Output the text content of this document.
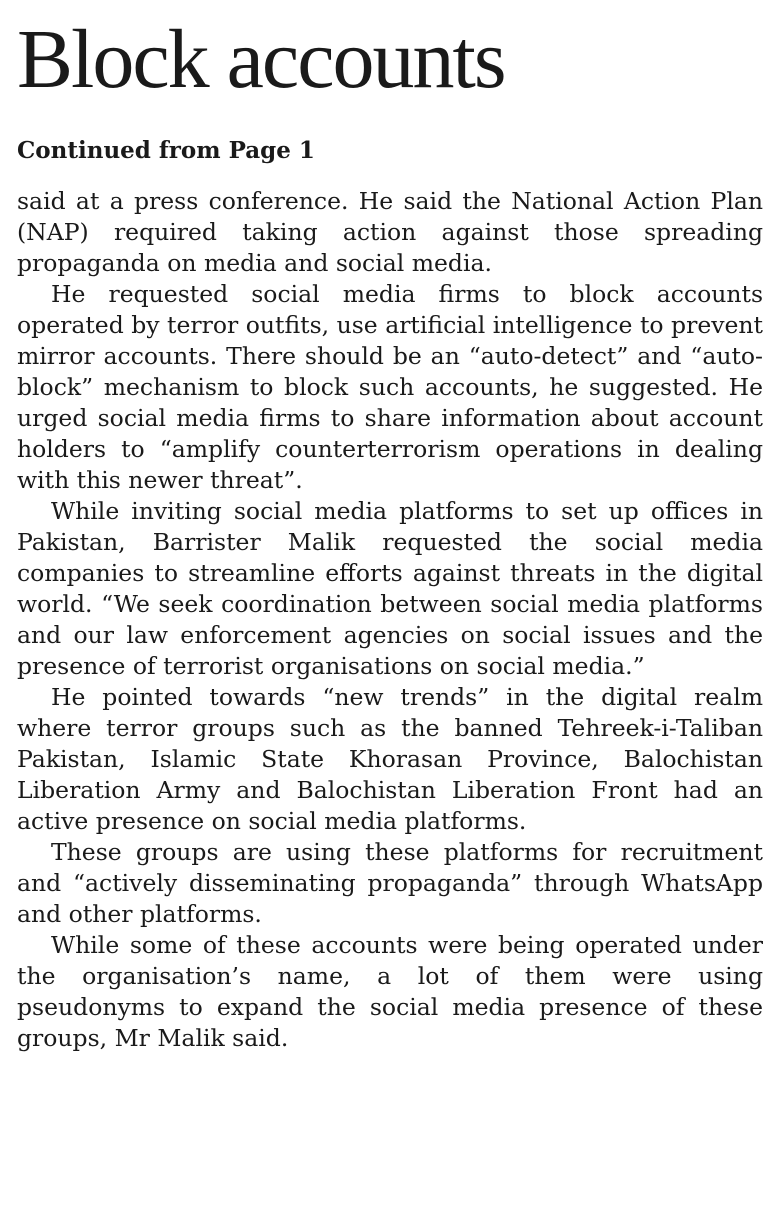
Block accounts
Continued from Page 1

said at a press conference. He said the National Action Plan (NAP) required taking action against those spreading propaganda on media and social media.

He requested social media firms to block accounts operated by terror outfits, use artificial intelligence to prevent mirror accounts. There should be an “auto-detect” and “auto-block” mechanism to block such accounts, he suggested. He urged social media firms to share information about account holders to “amplify counterterrorism operations in dealing with this newer threat”.

While inviting social media platforms to set up offices in Pakistan, Barrister Malik requested the social media companies to streamline efforts against threats in the digital world. “We seek coordination between social media platforms and our law enforcement agencies on social issues and the presence of terrorist organisations on social media.”

He pointed towards “new trends” in the digital realm where terror groups such as the banned Tehreek-i-Taliban Pakistan, Islamic State Khorasan Province, Balochistan Liberation Army and Balochistan Liberation Front had an active presence on social media platforms.

These groups are using these platforms for recruitment and “actively disseminating propaganda” through WhatsApp and other platforms.

While some of these accounts were being operated under the organisation’s name, a lot of them were using pseudonyms to expand the social media presence of these groups, Mr Malik said.
